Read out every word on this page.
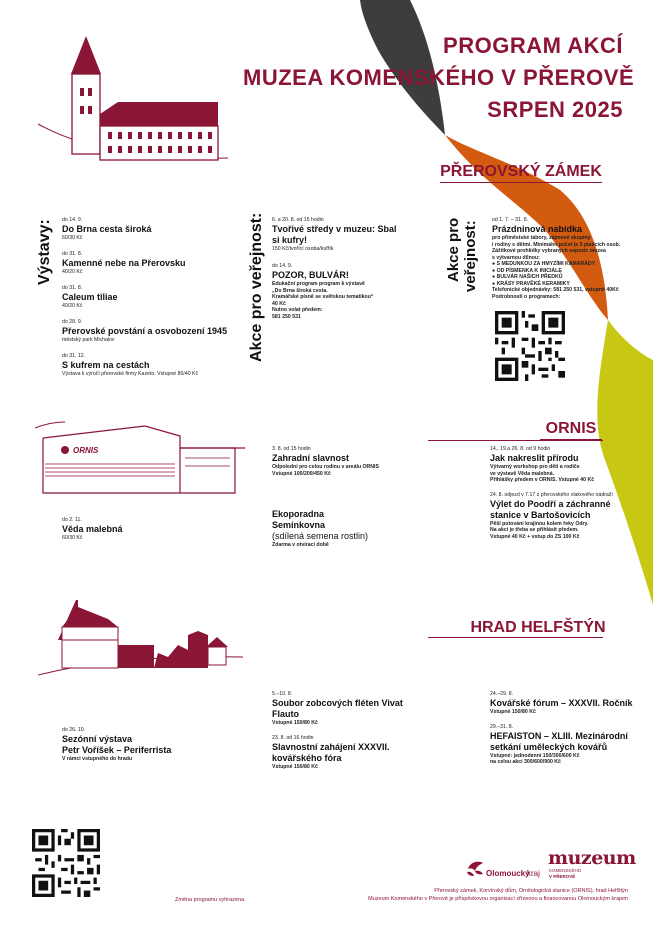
PROGRAM AKCÍ
MUZEA KOMENSKÉHO V PŘEROVĚ
SRPEN 2025
PŘEROVSKÝ ZÁMEK
Výstavy: do 14. 9.
Do Brna cesta široká
60/30 Kč
do 31. 8.
Kamenné nebe na Přerovsku
40/20 Kč
do 31. 8.
Caleum tiliae
40/20 Kč
do 28. 9.
Přerovské povstání a osvobození 1945
městský park Michalov
do 31. 12.
S kufrem na cestách
Výstava k výročí přerovské firmy Kazeto. Vstupné 80/40 Kč
Akce pro veřejnost: 6. a 20. 8. od 15 hodin
Tvořivé středy v muzeu: Sbal si kufry!
150 Kč/tvořící osoba/kufřík
do 14. 9.
POZOR, BULVÁR!
Edukační program program k výstavě
„Do Brna široká cesta.
Kramářské písně se světskou tematikou“
40 Kč
Nutno volat předem:
581 250 531
Akce pro veřejnost:
od 1. 7. – 31. 8.
Prázdninová nabídka
pro příměstské tábory, zájmové skupiny
i rodiny s dětmi. Minimální počet je 5 platících osob.
Zážitkové prohlídky vybraných expozic muzea
s výtvarnou dílnou:
● S MEDUNKOU ZA HMYZÍMI KAMARÁDY
● OD PÍSMENKA K INICIÁLE
● BULVÁR NAŠICH PŘEDKŮ
● KRÁSY PRAVĚKÉ KERAMIKY
Telefonické objednávky: 581 250 531, vstupné 40Kč
Podrobnosti o programech:
ORNIS
ORNIS
do 2. 11.
Věda malebná
60/30 Kč
3. 8. od 15 hodin
Zahradní slavnost
Odpolední pro celou rodinu v areálu ORNIS
Vstupné 100/200/450 Kč
Ekoporadna
Semínkovna
(sdílená semena rostlin)
Zdarma v otvírací době
14., 19.a 26. 8. od 9 hodin
Jak nakreslit přírodu
Výtvarný workshop pro děti a rodiče
ve výstavě Věda malebná.
Přihlášky předem v ORNIS. Vstupné 40 Kč
24. 8. odjezd v 7.17 z přerovského vlakového nádraží
Výlet do Poodří a záchranné stanice v Bartošovicích
Pěší putování krajinou kolem řeky Odry.
Na akci je třeba se přihlásit předem.
Vstupné 40 Kč + vstup do ZS 100 Kč
HRAD HELFŠTÝN
do 26. 10.
Sezónní výstava
Petr Voříšek – Periferrista
V rámci vstupného do hradu
5.–10. 8.
Soubor zobcových fléten Vivat Flauto
Vstupné 150/80 Kč
23. 8. od 16 hodin
Slavnostní zahájení XXXVII. kovářského fóra
Vstupné 150/80 Kč
24.–29. 8.
Kovářské fórum – XXXVII. Ročník
Vstupné 150/80 Kč
29.–31. 8.
HEFAISTON – XLIII. Mezinárodní setkání uměleckých kovářů
Vstupné: jednodenní 150/300/600 Kč
na celou akci 300/600/900 Kč
Změna programu vyhrazena.
Olomoucký
kraj
muzeum
KOMENSKÉHO
V PŘEROVĚ
Přerovský zámek, Korvínský dům, Ornitologická stanice (ORNIS), hrad Helfštýn
Muzeum Komenského v Přerově je příspěvkovou organizací zřízenou a financovanou Olomouckým krajem
